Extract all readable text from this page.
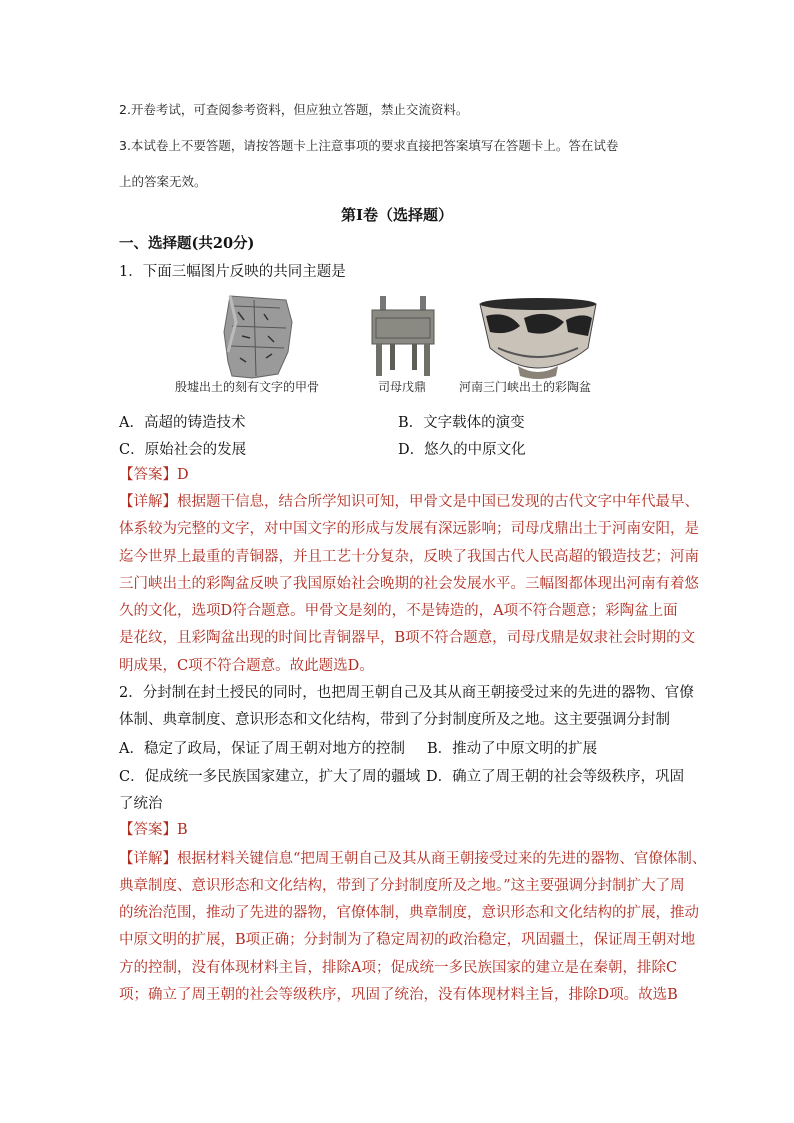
2.开卷考试，可查阅参考资料，但应独立答题，禁止交流资料。
3.本试卷上不要答题，请按答题卡上注意事项的要求直接把答案填写在答题卡上。答在试卷
上的答案无效。
第Ⅰ卷（选择题）
一、选择题(共20分)
1．下面三幅图片反映的共同主题是
殷墟出土的刻有文字的甲骨	司母戊鼎	河南三门峡出土的彩陶盆
A．高超的铸造技术	B．文字载体的演变
C．原始社会的发展	D．悠久的中原文化
【答案】D
【详解】根据题干信息，结合所学知识可知，甲骨文是中国已发现的古代文字中年代最早、
体系较为完整的文字，对中国文字的形成与发展有深远影响；司母戊鼎出土于河南安阳，是
迄今世界上最重的青铜器，并且工艺十分复杂，反映了我国古代人民高超的锻造技艺；河南
三门峡出土的彩陶盆反映了我国原始社会晚期的社会发展水平。三幅图都体现出河南有着悠
久的文化，选项D符合题意。甲骨文是刻的，不是铸造的，A项不符合题意；彩陶盆上面
是花纹，且彩陶盆出现的时间比青铜器早，B项不符合题意，司母戊鼎是奴隶社会时期的文
明成果，C项不符合题意。故此题选D。
2．分封制在封土授民的同时，也把周王朝自己及其从商王朝接受过来的先进的器物、官僚
体制、典章制度、意识形态和文化结构，带到了分封制度所及之地。这主要强调分封制
A．稳定了政局，保证了周王朝对地方的控制 B．推动了中原文明的扩展
C．促成统一多民族国家建立，扩大了周的疆域 D．确立了周王朝的社会等级秩序，巩固
了统治
【答案】B
【详解】根据材料关键信息“把周王朝自己及其从商王朝接受过来的先进的器物、官僚体制、
典章制度、意识形态和文化结构，带到了分封制度所及之地。”这主要强调分封制扩大了周
的统治范围，推动了先进的器物，官僚体制，典章制度，意识形态和文化结构的扩展，推动
中原文明的扩展，B项正确；分封制为了稳定周初的政治稳定，巩固疆土，保证周王朝对地
方的控制，没有体现材料主旨，排除A项；促成统一多民族国家的建立是在秦朝，排除C
项；确立了周王朝的社会等级秩序，巩固了统治，没有体现材料主旨，排除D项。故选B
